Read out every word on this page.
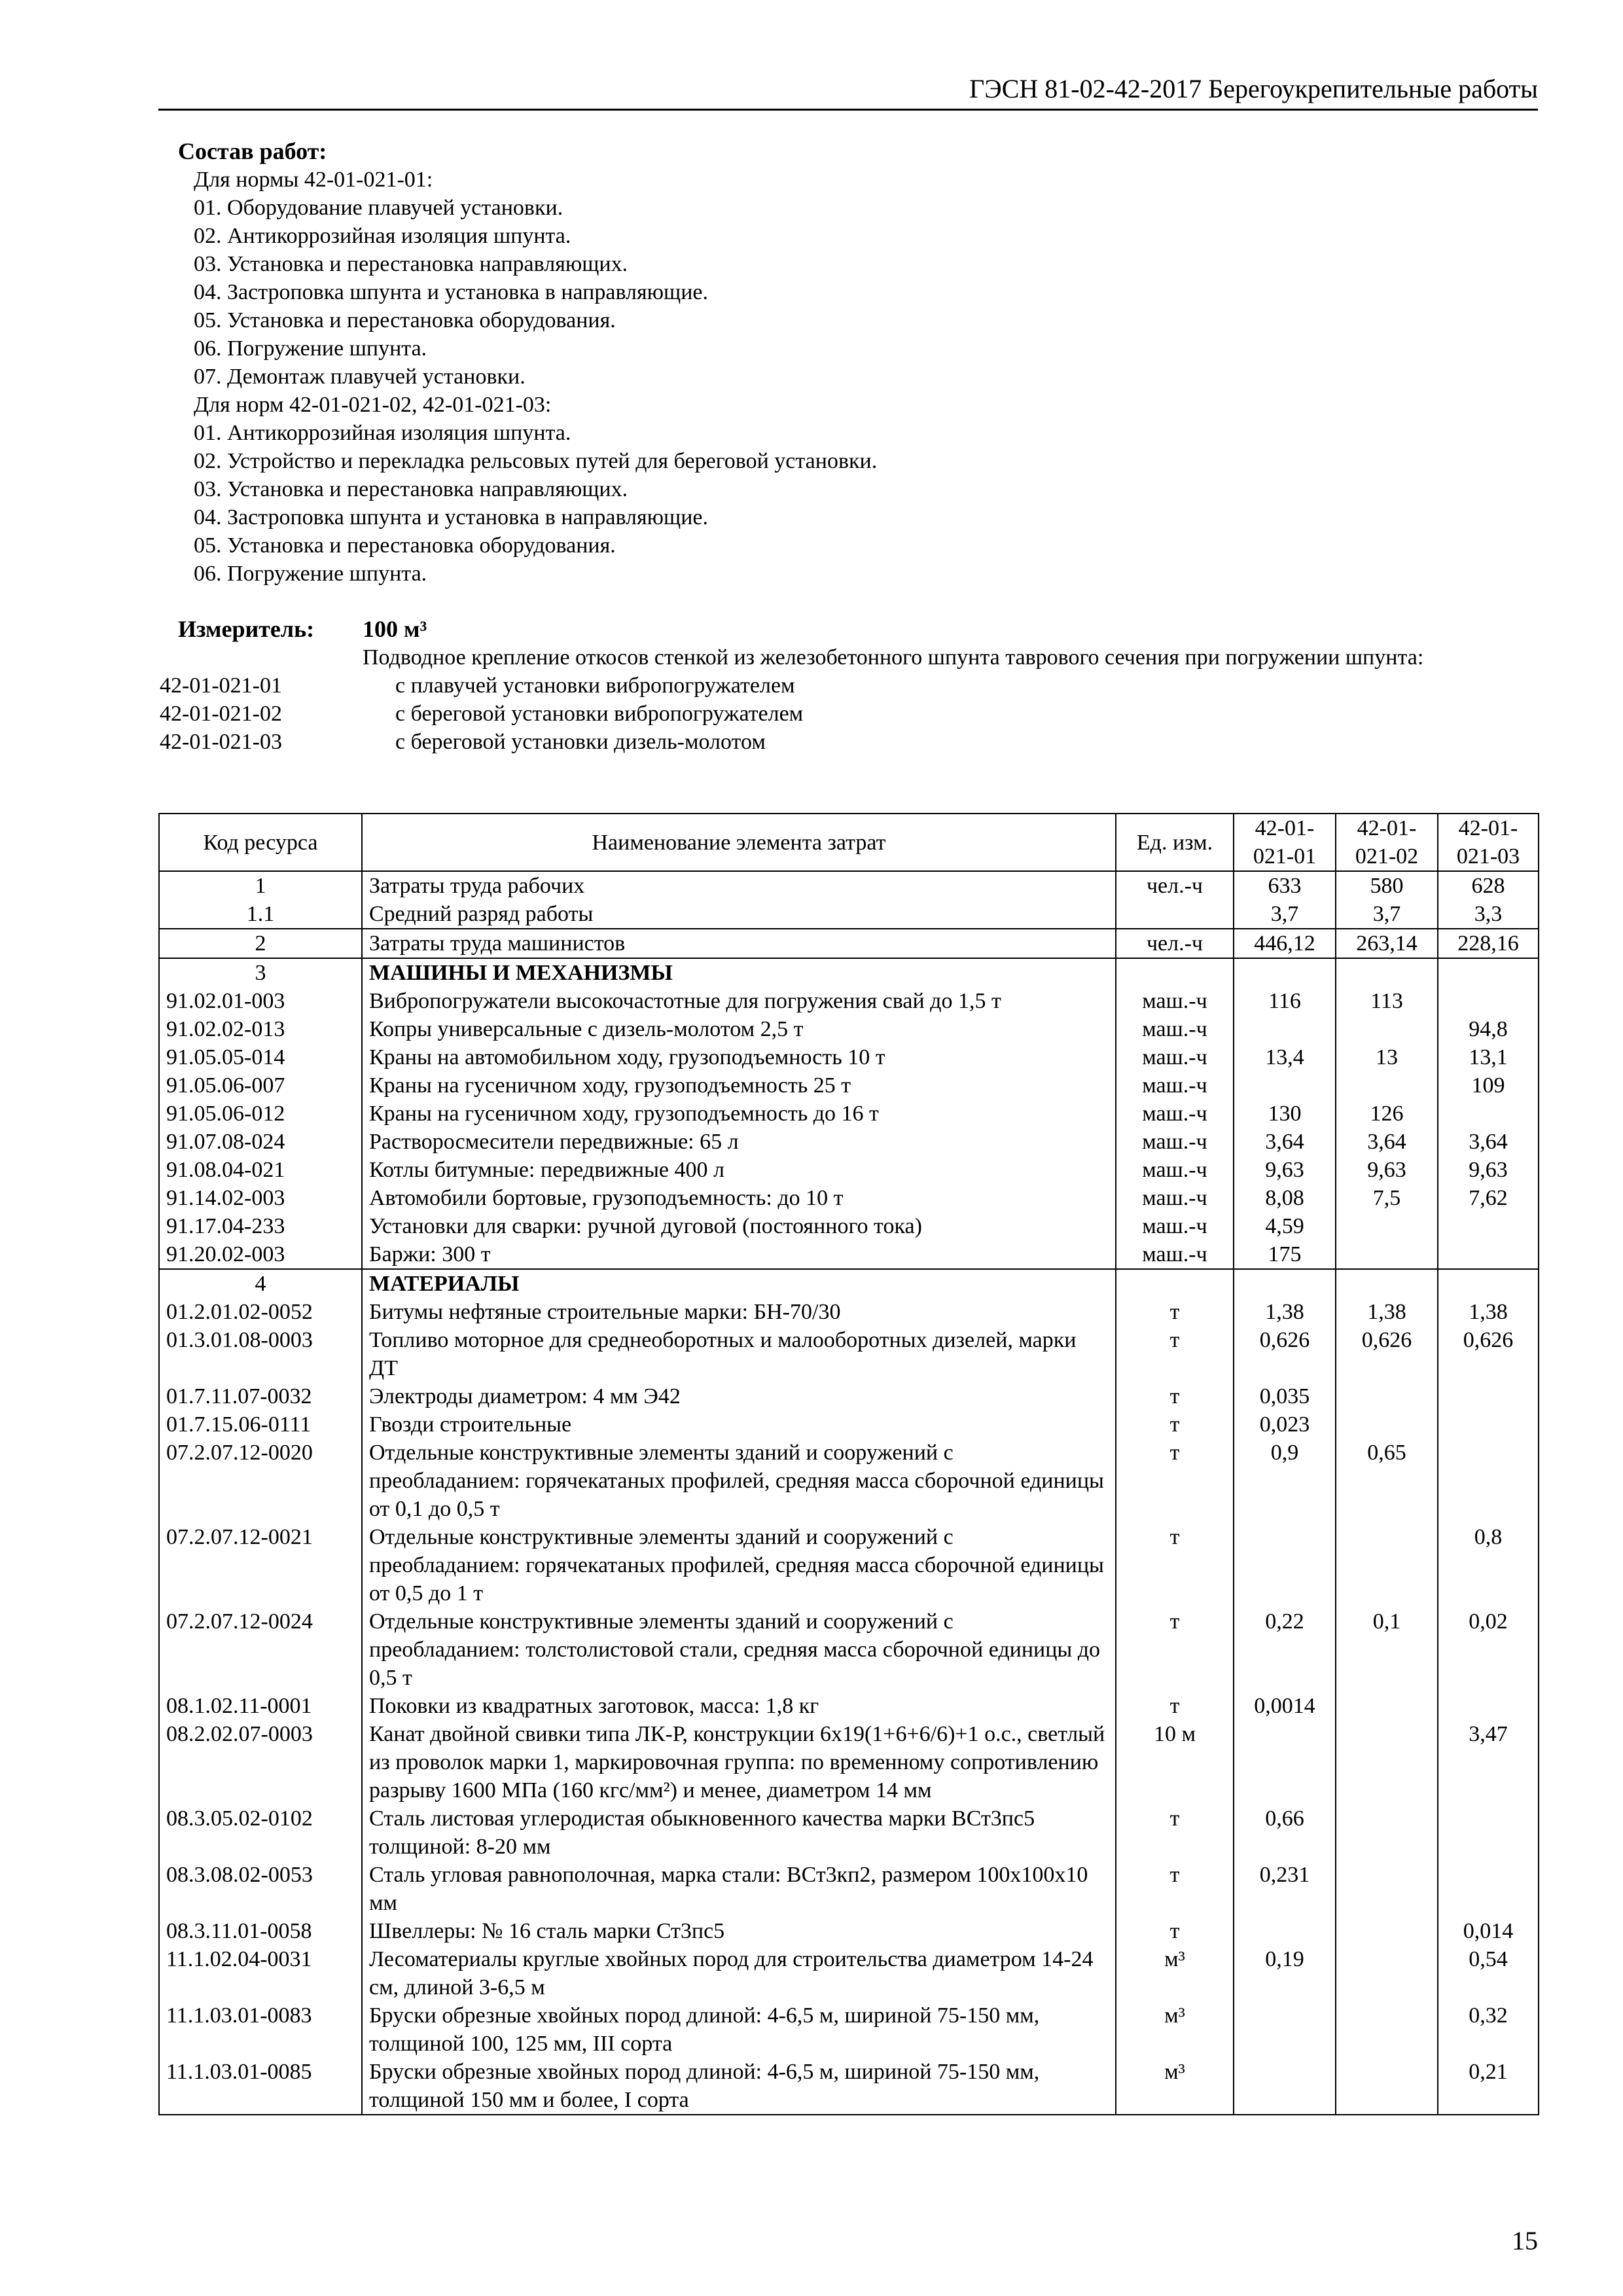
ГЭСН 81-02-42-2017 Берегоукрепительные работы
Состав работ:
Для нормы 42-01-021-01:
01. Оборудование плавучей установки.
02. Антикоррозийная изоляция шпунта.
03. Установка и перестановка направляющих.
04. Застроповка шпунта и установка в направляющие.
05. Установка и перестановка оборудования.
06. Погружение шпунта.
07. Демонтаж плавучей установки.
Для норм 42-01-021-02, 42-01-021-03:
01. Антикоррозийная изоляция шпунта.
02. Устройство и перекладка рельсовых путей для береговой установки.
03. Установка и перестановка направляющих.
04. Застроповка шпунта и установка в направляющие.
05. Установка и перестановка оборудования.
06. Погружение шпунта.
Измеритель: 100 м³
Подводное крепление откосов стенкой из железобетонного шпунта таврового сечения при погружении шпунта:
42-01-021-01	с плавучей установки вибропогружателем
42-01-021-02	с береговой установки вибропогружателем
42-01-021-03	с береговой установки дизель-молотом
Код ресурса	Наименование элемента затрат	Ед. изм.	42-01-021-01	42-01-021-02	42-01-021-03
1	Затраты труда рабочих	чел.-ч	633	580	628
1.1	Средний разряд работы		3,7	3,7	3,3
2	Затраты труда машинистов	чел.-ч	446,12	263,14	228,16
3	МАШИНЫ И МЕХАНИЗМЫ				
91.02.01-003	Вибропогружатели высокочастотные для погружения свай до 1,5 т	маш.-ч	116	113	
91.02.02-013	Копры универсальные с дизель-молотом 2,5 т	маш.-ч			94,8
91.05.05-014	Краны на автомобильном ходу, грузоподъемность 10 т	маш.-ч	13,4	13	13,1
91.05.06-007	Краны на гусеничном ходу, грузоподъемность 25 т	маш.-ч			109
91.05.06-012	Краны на гусеничном ходу, грузоподъемность до 16 т	маш.-ч	130	126	
91.07.08-024	Растворосмесители передвижные: 65 л	маш.-ч	3,64	3,64	3,64
91.08.04-021	Котлы битумные: передвижные 400 л	маш.-ч	9,63	9,63	9,63
91.14.02-003	Автомобили бортовые, грузоподъемность: до 10 т	маш.-ч	8,08	7,5	7,62
91.17.04-233	Установки для сварки: ручной дуговой (постоянного тока)	маш.-ч	4,59		
91.20.02-003	Баржи: 300 т	маш.-ч	175		
4	МАТЕРИАЛЫ				
01.2.01.02-0052	Битумы нефтяные строительные марки: БН-70/30	т	1,38	1,38	1,38
01.3.01.08-0003	Топливо моторное для среднеоборотных и малооборотных дизелей, марки ДТ	т	0,626	0,626	0,626
01.7.11.07-0032	Электроды диаметром: 4 мм Э42	т	0,035		
01.7.15.06-0111	Гвозди строительные	т	0,023		
07.2.07.12-0020	Отдельные конструктивные элементы зданий и сооружений с преобладанием: горячекатаных профилей, средняя масса сборочной единицы от 0,1 до 0,5 т	т	0,9	0,65	
07.2.07.12-0021	Отдельные конструктивные элементы зданий и сооружений с преобладанием: горячекатаных профилей, средняя масса сборочной единицы от 0,5 до 1 т	т			0,8
07.2.07.12-0024	Отдельные конструктивные элементы зданий и сооружений с преобладанием: толстолистовой стали, средняя масса сборочной единицы до 0,5 т	т	0,22	0,1	0,02
08.1.02.11-0001	Поковки из квадратных заготовок, масса: 1,8 кг	т	0,0014		
08.2.02.07-0003	Канат двойной свивки типа ЛК-Р, конструкции 6х19(1+6+6/6)+1 о.с., светлый из проволок марки 1, маркировочная группа: по временному сопротивлению разрыву 1600 МПа (160 кгс/мм²) и менее, диаметром 14 мм	10 м			3,47
08.3.05.02-0102	Сталь листовая углеродистая обыкновенного качества марки ВСт3пс5 толщиной: 8-20 мм	т	0,66		
08.3.08.02-0053	Сталь угловая равнополочная, марка стали: ВСт3кп2, размером 100х100х10 мм	т	0,231		
08.3.11.01-0058	Швеллеры: № 16 сталь марки Ст3пс5	т			0,014
11.1.02.04-0031	Лесоматериалы круглые хвойных пород для строительства диаметром 14-24 см, длиной 3-6,5 м	м³	0,19		0,54
11.1.03.01-0083	Бруски обрезные хвойных пород длиной: 4-6,5 м, шириной 75-150 мм, толщиной 100, 125 мм, III сорта	м³			0,32
11.1.03.01-0085	Бруски обрезные хвойных пород длиной: 4-6,5 м, шириной 75-150 мм, толщиной 150 мм и более, I сорта	м³			0,21
15
